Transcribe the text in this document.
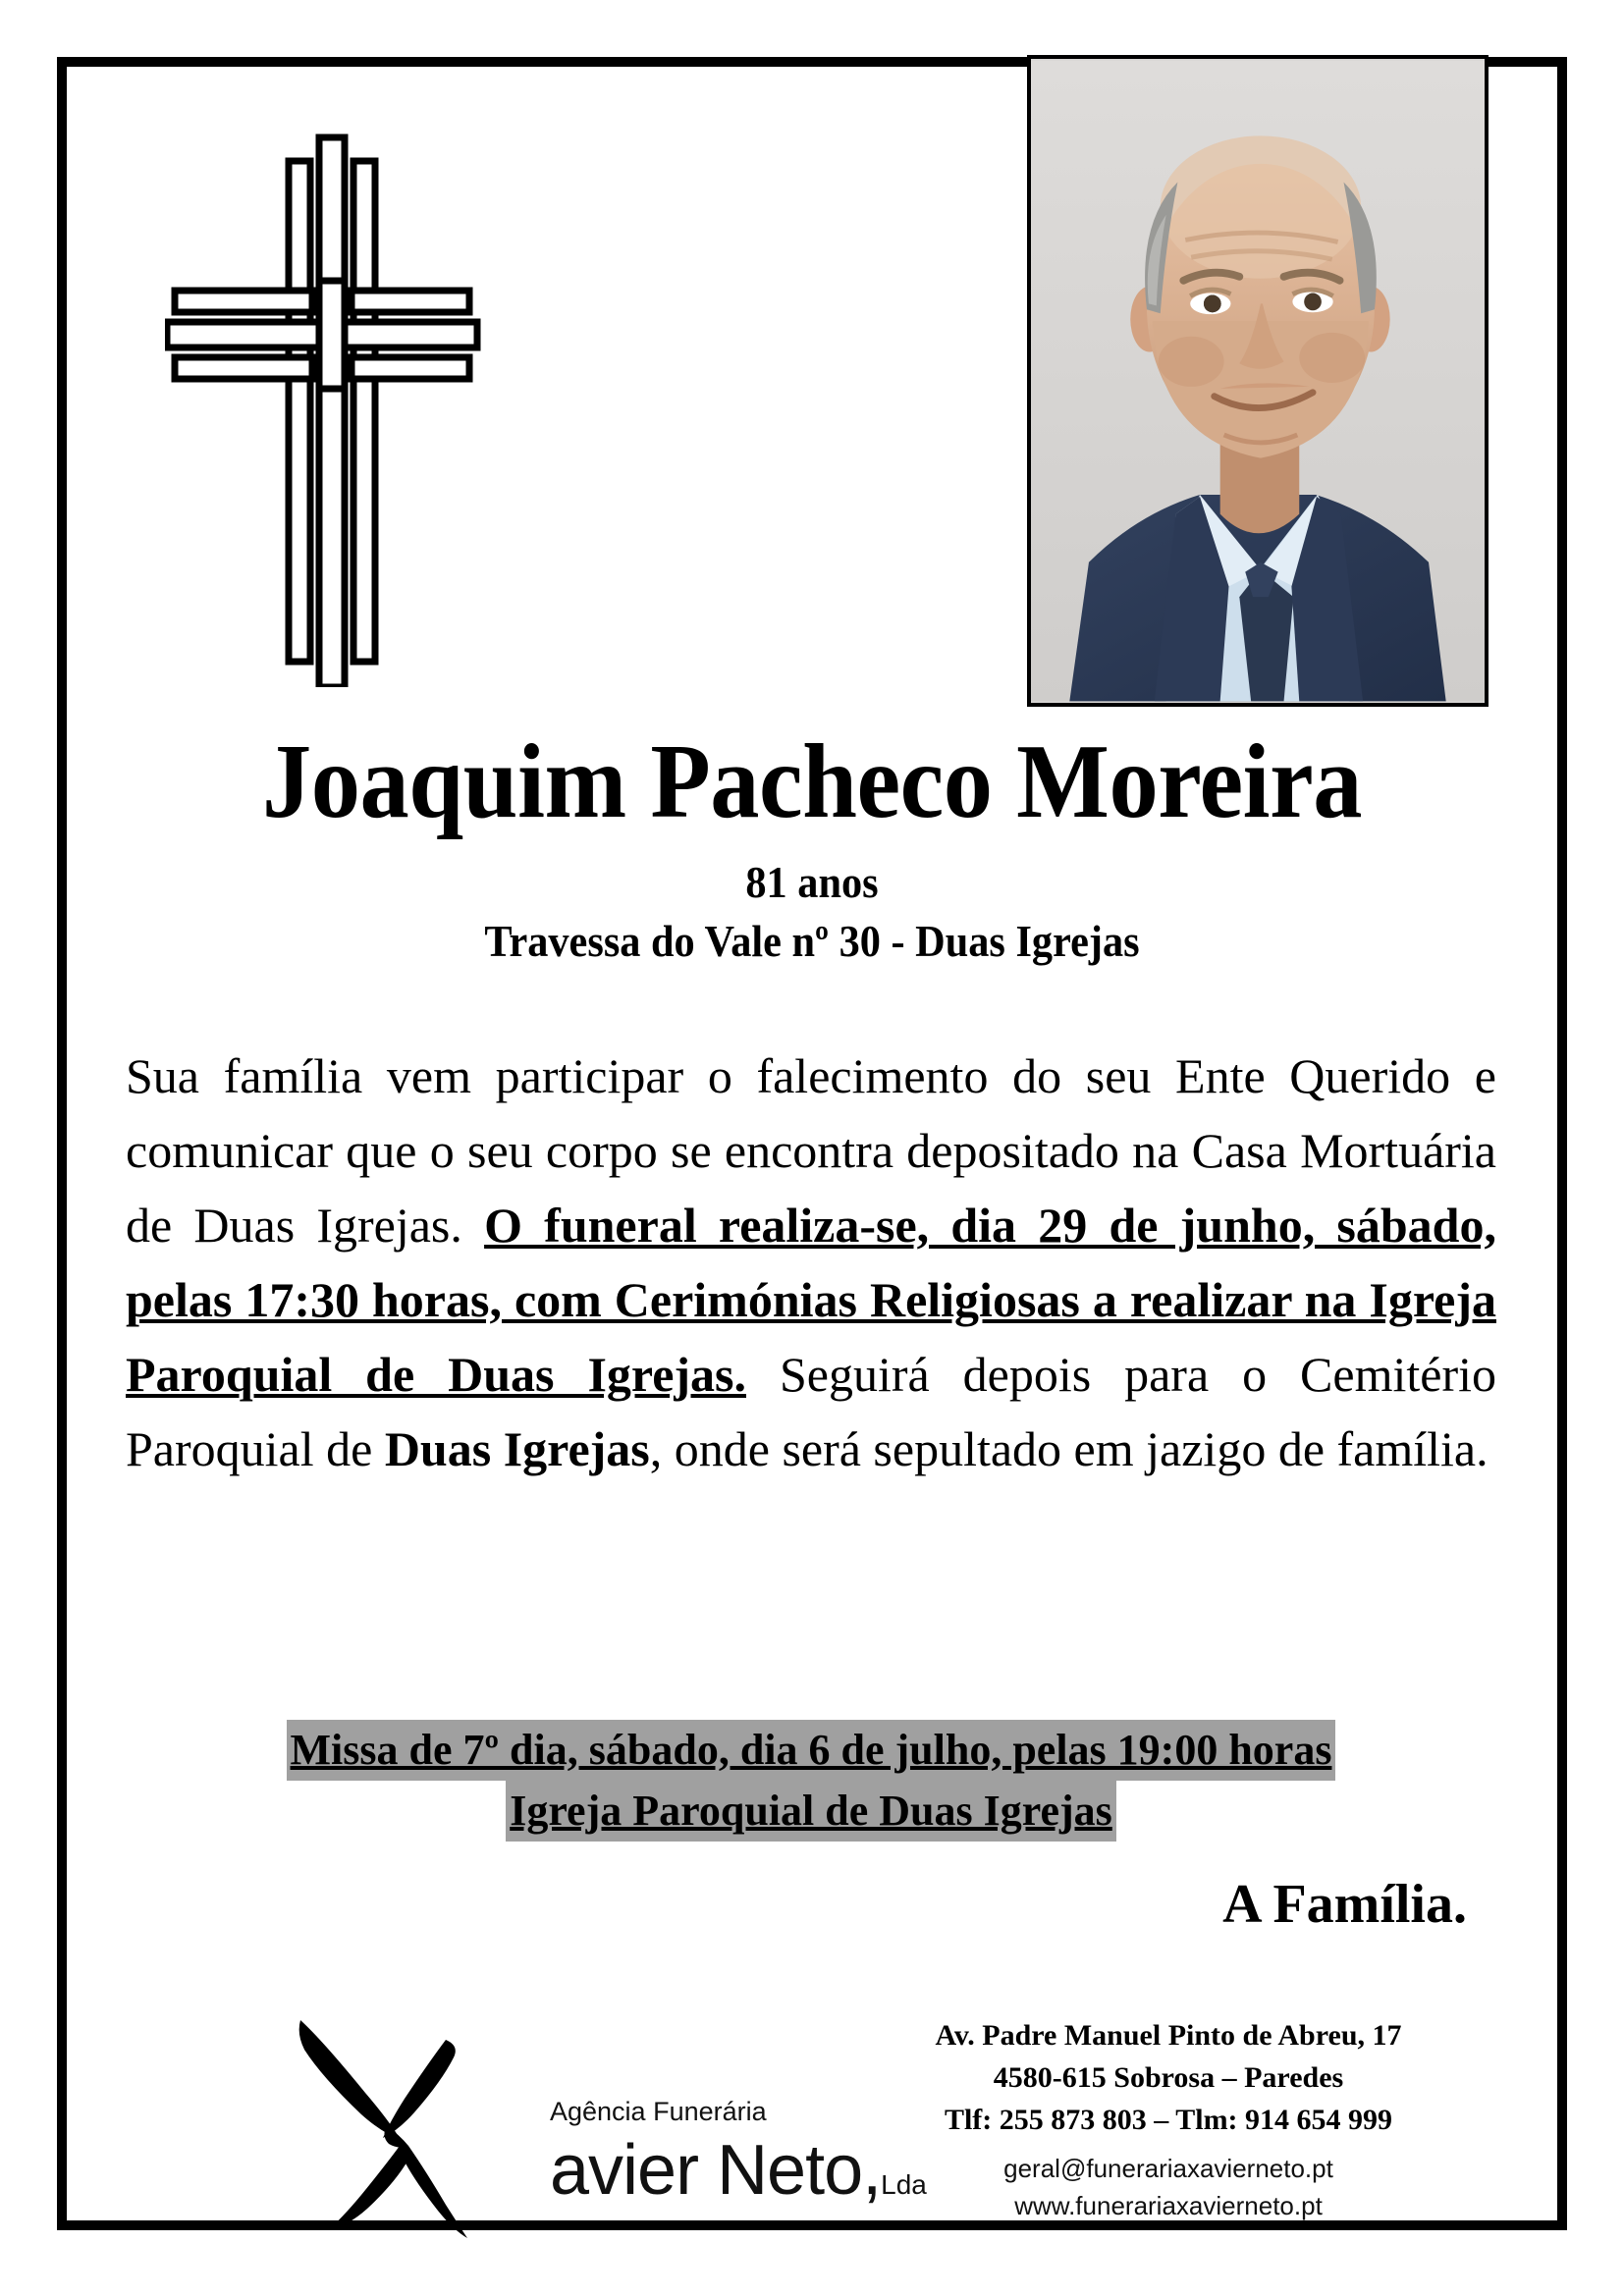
Joaquim Pacheco Moreira
81 anos
Travessa do Vale nº 30 - Duas Igrejas
Sua família vem participar o falecimento do seu Ente Querido e comunicar que o seu corpo se encontra depositado na Casa Mortuária de Duas Igrejas. O funeral realiza-se, dia 29 de junho, sábado, pelas 17:30 horas, com Cerimónias Religiosas a realizar na Igreja Paroquial de Duas Igrejas. Seguirá depois para o Cemitério Paroquial de Duas Igrejas, onde será sepultado em jazigo de família.
Missa de 7º dia, sábado, dia 6 de julho, pelas 19:00 horas
Igreja Paroquial de Duas Igrejas
A Família.
Agência Funerária
avier Neto,Lda
Av. Padre Manuel Pinto de Abreu, 17
4580-615 Sobrosa – Paredes
Tlf: 255 873 803 – Tlm: 914 654 999
geral@funerariaxavierneto.pt
www.funerariaxavierneto.pt
